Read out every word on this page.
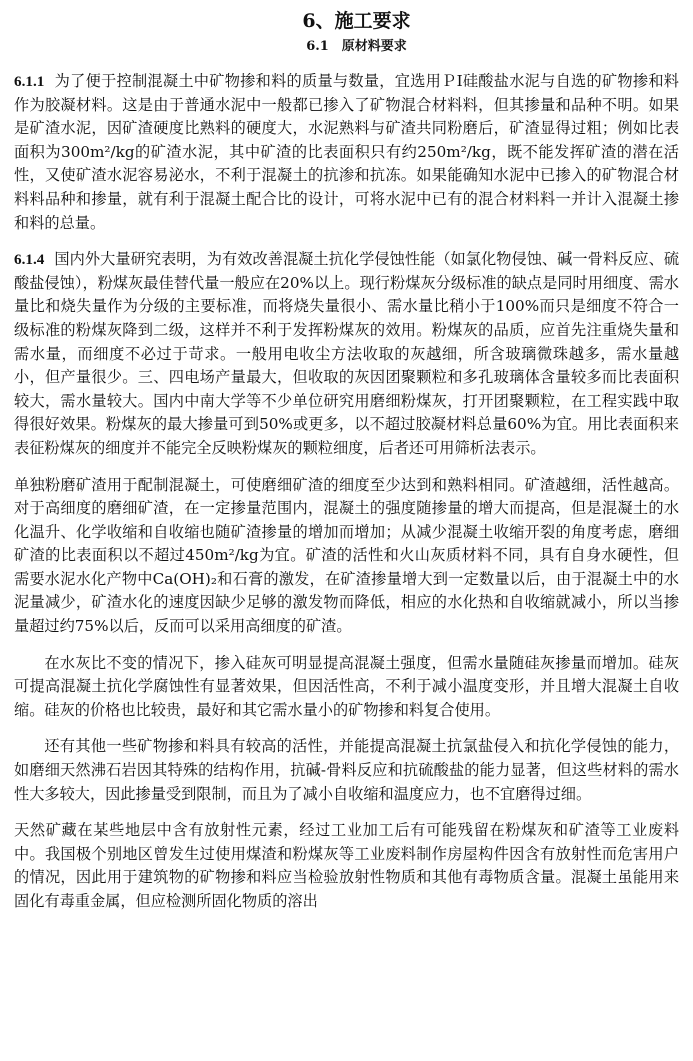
6、施工要求
6.1　原材料要求

6.1.1 为了便于控制混凝土中矿物掺和料的质量与数量，宜选用ＰⅠ硅酸盐水泥与自选的矿物掺和料作为胶凝材料。这是由于普通水泥中一般都已掺入了矿物混合材料料，但其掺量和品种不明。如果是矿渣水泥，因矿渣硬度比熟料的硬度大，水泥熟料与矿渣共同粉磨后，矿渣显得过粗；例如比表面积为300m²/kg的矿渣水泥，其中矿渣的比表面积只有约250m²/kg，既不能发挥矿渣的潜在活性，又使矿渣水泥容易泌水，不利于混凝土的抗渗和抗冻。如果能确知水泥中已掺入的矿物混合材料料品种和掺量，就有利于混凝土配合比的设计，可将水泥中已有的混合材料料一并计入混凝土掺和料的总量。

6.1.4 国内外大量研究表明，为有效改善混凝土抗化学侵蚀性能（如氯化物侵蚀、碱一骨料反应、硫酸盐侵蚀），粉煤灰最佳替代量一般应在20%以上。现行粉煤灰分级标准的缺点是同时用细度、需水量比和烧失量作为分级的主要标准，而将烧失量很小、需水量比稍小于100%而只是细度不符合一级标准的粉煤灰降到二级，这样并不利于发挥粉煤灰的效用。粉煤灰的品质，应首先注重烧失量和需水量，而细度不必过于苛求。一般用电收尘方法收取的灰越细，所含玻璃微珠越多，需水量越小，但产量很少。三、四电场产量最大，但收取的灰因团聚颗粒和多孔玻璃体含量较多而比表面积较大，需水量较大。国内中南大学等不少单位研究用磨细粉煤灰，打开团聚颗粒，在工程实践中取得很好效果。粉煤灰的最大掺量可到50%或更多，以不超过胶凝材料总量60%为宜。用比表面积来表征粉煤灰的细度并不能完全反映粉煤灰的颗粒细度，后者还可用筛析法表示。

单独粉磨矿渣用于配制混凝土，可使磨细矿渣的细度至少达到和熟料相同。矿渣越细，活性越高。对于高细度的磨细矿渣，在一定掺量范围内，混凝土的强度随掺量的增大而提高，但是混凝土的水化温升、化学收缩和自收缩也随矿渣掺量的增加而增加；从减少混凝土收缩开裂的角度考虑，磨细矿渣的比表面积以不超过450m²/kg为宜。矿渣的活性和火山灰质材料不同，具有自身水硬性，但需要水泥水化产物中Ca(OH)₂和石膏的激发，在矿渣掺量增大到一定数量以后，由于混凝土中的水泥量减少，矿渣水化的速度因缺少足够的激发物而降低，相应的水化热和自收缩就减小，所以当掺量超过约75%以后，反而可以采用高细度的矿渣。

在水灰比不变的情况下，掺入硅灰可明显提高混凝土强度，但需水量随硅灰掺量而增加。硅灰可提高混凝土抗化学腐蚀性有显著效果，但因活性高，不利于减小温度变形，并且增大混凝土自收缩。硅灰的价格也比较贵，最好和其它需水量小的矿物掺和料复合使用。

还有其他一些矿物掺和料具有较高的活性，并能提高混凝土抗氯盐侵入和抗化学侵蚀的能力，如磨细天然沸石岩因其特殊的结构作用，抗碱-骨料反应和抗硫酸盐的能力显著，但这些材料的需水性大多较大，因此掺量受到限制，而且为了减小自收缩和温度应力，也不宜磨得过细。

天然矿藏在某些地层中含有放射性元素，经过工业加工后有可能残留在粉煤灰和矿渣等工业废料中。我国极个别地区曾发生过使用煤渣和粉煤灰等工业废料制作房屋构件因含有放射性而危害用户的情况，因此用于建筑物的矿物掺和料应当检验放射性物质和其他有毒物质含量。混凝土虽能用来固化有毒重金属，但应检测所固化物质的溶出
